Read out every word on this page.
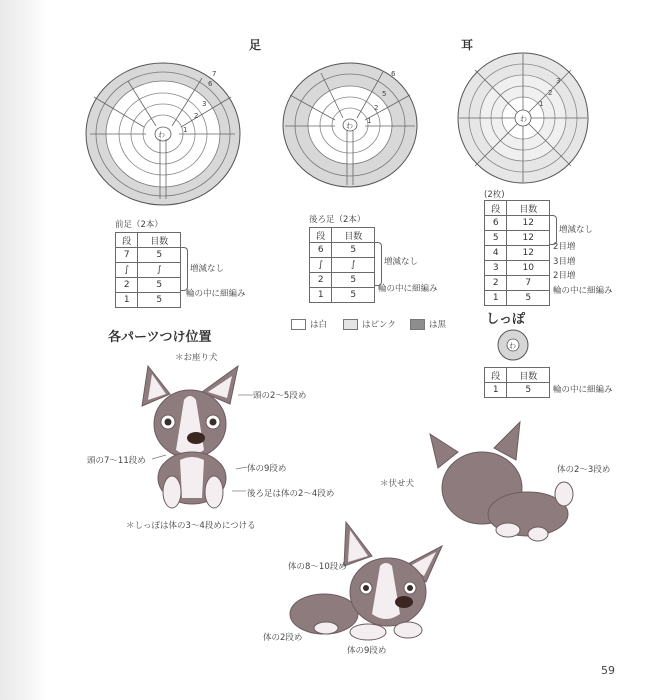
足	耳
わ
1
2
3
6
7
わ
1
2
5
6
わ
1
2
3
前足（2本）
段	目数
7	5
∫	∫
2	5
1	5
増減なし
輪の中に細編み
後ろ足（2本）
段	目数
6	5
∫	∫
2	5
1	5
増減なし
輪の中に細編み
(2枚)
段	目数
6	12
5	12
4	12
3	10
2	7
1	5
増減なし
2目増
3目増
2目増
輪の中に細編み
は白	はピンク	は黒	しっぽ
わ
段	目数
1	5	輪の中に細編み
各パーツつけ位置
＊お座り犬
頭の2～5段め
頭の7～11段め
体の9段め
後ろ足は体の2～4段め
＊しっぽは体の3～4段めにつける
＊伏せ犬
体の2～3段め
体の8～10段め
体の2段め
体の9段め
59
